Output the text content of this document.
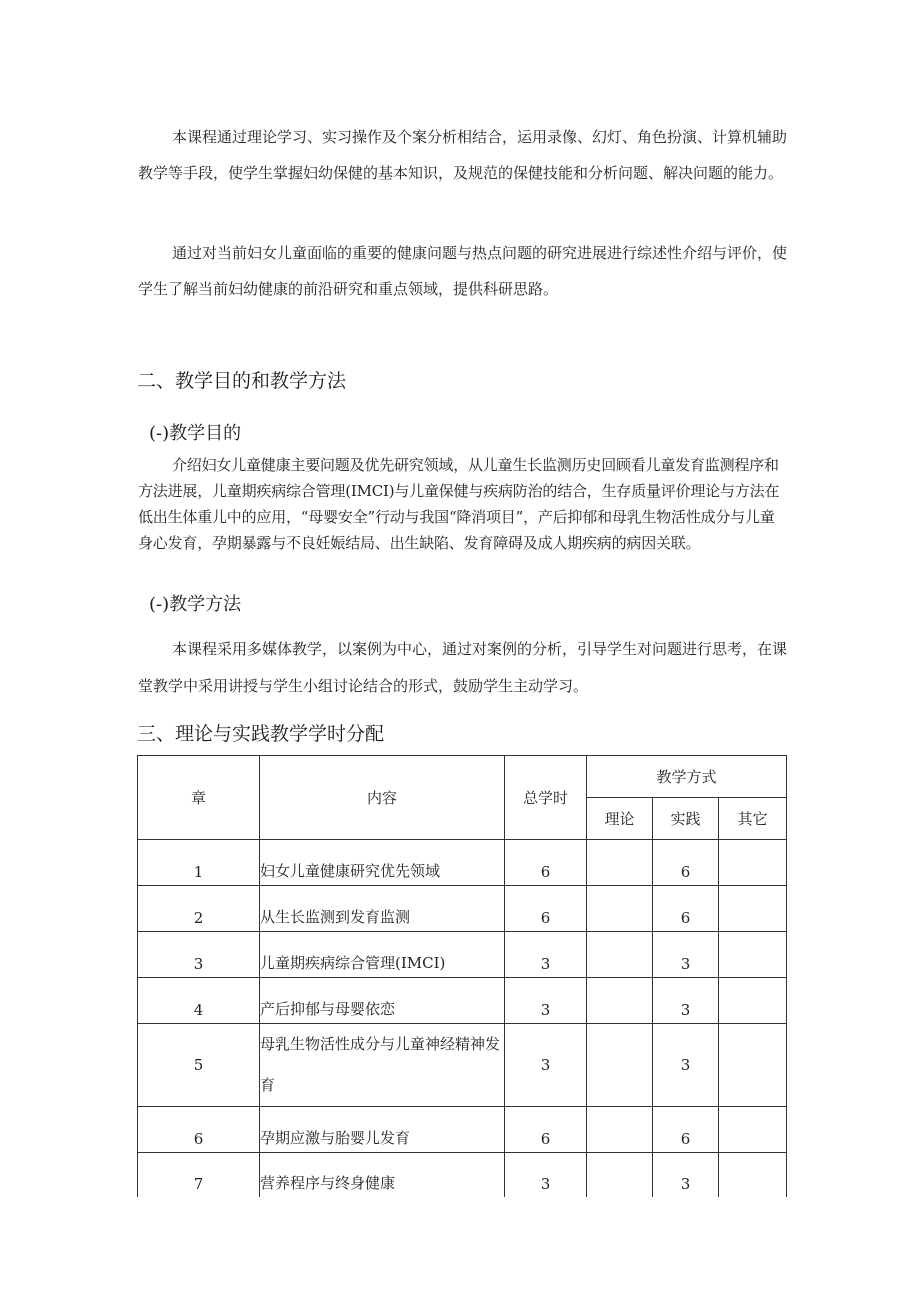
本课程通过理论学习、实习操作及个案分析相结合，运用录像、幻灯、角色扮演、计算机辅助教学等手段，使学生掌握妇幼保健的基本知识，及规范的保健技能和分析问题、解决问题的能力。

通过对当前妇女儿童面临的重要的健康问题与热点问题的研究进展进行综述性介绍与评价，使学生了解当前妇幼健康的前沿研究和重点领域，提供科研思路。

二、教学目的和教学方法
(-)教学目的

介绍妇女儿童健康主要问题及优先研究领域，从儿童生长监测历史回顾看儿童发育监测程序和方法进展，儿童期疾病综合管理(IMCI)与儿童保健与疾病防治的结合，生存质量评价理论与方法在低出生体重儿中的应用，“母婴安全”行动与我国“降消项目”，产后抑郁和母乳生物活性成分与儿童身心发育，孕期暴露与不良妊娠结局、出生缺陷、发育障碍及成人期疾病的病因关联。

(-)教学方法

本课程采用多媒体教学，以案例为中心，通过对案例的分析，引导学生对问题进行思考，在课堂教学中采用讲授与学生小组讨论结合的形式，鼓励学生主动学习。

三、理论与实践教学学时分配
章	内容	总学时	教学方式		
			理论	实践	其它
1	妇女儿童健康研究优先领域	6		6	
2	从生长监测到发育监测	6		6	
3	儿童期疾病综合管理(IMCI)	3		3	
4	产后抑郁与母婴依恋	3		3	
5	母乳生物活性成分与儿童神经精神发育	3		3	
6	孕期应激与胎婴儿发育	6		6	
7	营养程序与终身健康	3		3	
